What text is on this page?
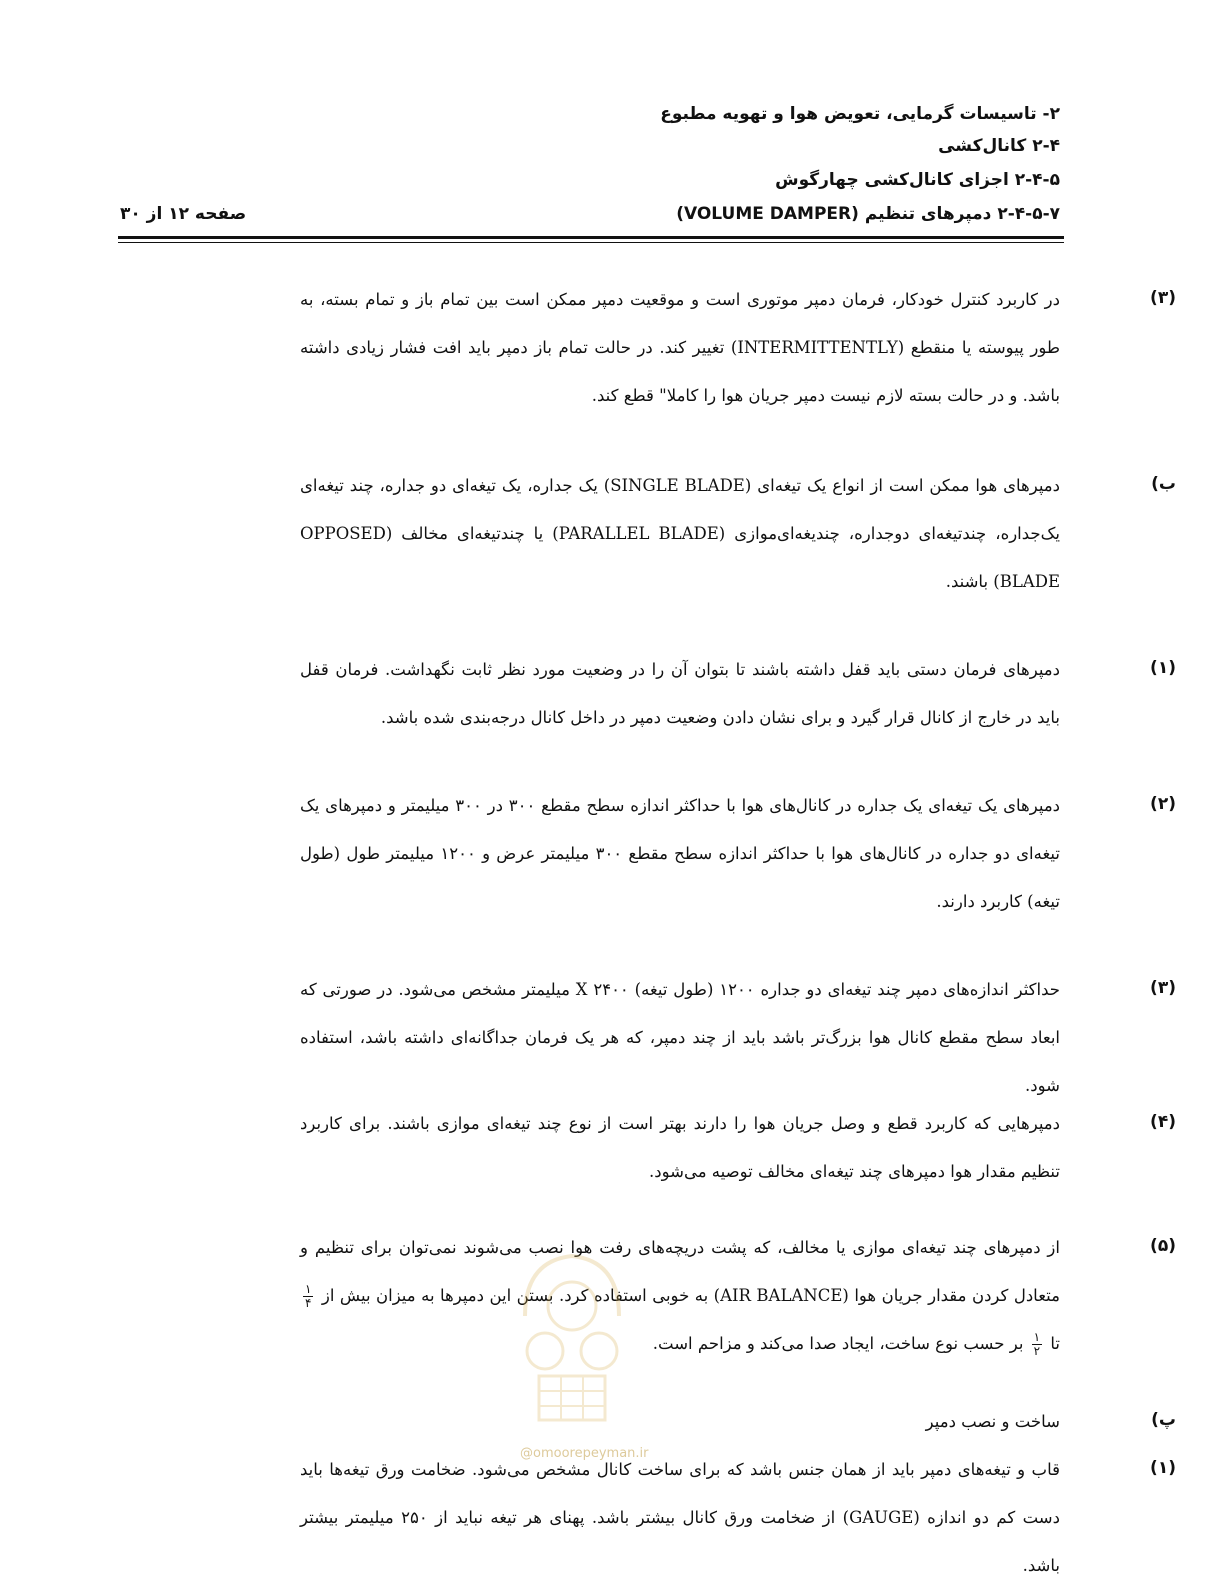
۲- تاسیسات گرمایی، تعویض هوا و تهویه مطبوع
۲-۴ کانال‌کشی
۲-۴-۵ اجزای کانال‌کشی چهارگوش
۲-۴-۵-۷ دمپرهای تنظیم (VOLUME DAMPER)
صفحه ۱۲ از ۳۰
(۳)
ب)
(۱)
(۲)
(۳)
(۴)
(۵)
پ)
(۱)
در کاربرد کنترل خودکار، فرمان دمپر موتوری است و موقعیت دمپر ممکن است بین تمام باز و تمام بسته، به طور پیوسته یا منقطع (INTERMITTENTLY) تغییر کند. در حالت تمام باز دمپر باید افت فشار زیادی داشته باشد. و در حالت بسته لازم نیست دمپر جریان هوا را کاملا" قطع کند.
دمپرهای هوا ممکن است از انواع یک تیغه‌ای (SINGLE BLADE) یک جداره، یک تیغه‌ای دو جداره، چند تیغه‌ای یک‌جداره، چندتیغه‌ای دوجداره، چندیغه‌ای‌موازی (PARALLEL BLADE) یا چندتیغه‌ای مخالف (OPPOSED BLADE) باشند.
دمپرهای فرمان دستی باید قفل داشته باشند تا بتوان آن را در وضعیت مورد نظر ثابت نگهداشت. فرمان قفل باید در خارج از کانال قرار گیرد و برای نشان دادن وضعیت دمپر در داخل کانال درجه‌بندی شده باشد.
دمپرهای یک تیغه‌ای یک جداره در کانال‌های هوا با حداکثر اندازه سطح مقطع ۳۰۰ در ۳۰۰ میلیمتر و دمپرهای یک تیغه‌ای دو جداره در کانال‌های هوا با حداکثر اندازه سطح مقطع ۳۰۰ میلیمتر عرض و ۱۲۰۰ میلیمتر طول (طول تیغه) کاربرد دارند.
حداکثر اندازه‌های دمپر چند تیغه‌ای دو جداره ۱۲۰۰ (طول تیغه) X ۲۴۰۰ میلیمتر مشخص می‌شود. در صورتی که ابعاد سطح مقطع کانال هوا بزرگ‌تر باشد باید از چند دمپر، که هر یک فرمان جداگانه‌ای داشته باشد، استفاده شود.
دمپرهایی که کاربرد قطع و وصل جریان هوا را دارند بهتر است از نوع چند تیغه‌ای موازی باشند. برای کاربرد تنظیم مقدار هوا دمپرهای چند تیغه‌ای مخالف توصیه می‌شود.
از دمپرهای چند تیغه‌ای موازی یا مخالف، که پشت دریچه‌های رفت هوا نصب می‌شوند نمی‌توان برای تنظیم و متعادل کردن مقدار جریان هوا (AIR BALANCE) به خوبی استفاده کرد. بستن این دمپرها به میزان بیش از
$\frac{۱}{۴}$
تا
$\frac{۱}{۲}$
بر حسب نوع ساخت، ایجاد صدا می‌کند و مزاحم است.
ساخت و نصب دمپر
قاب و تیغه‌های دمپر باید از همان جنس باشد که برای ساخت کانال مشخص می‌شود. ضخامت ورق تیغه‌ها باید دست کم دو اندازه (GAUGE) از ضخامت ورق کانال بیشتر باشد. پهنای هر تیغه نباید از ۲۵۰ میلیمتر بیشتر باشد.
@omoorepeyman.ir
